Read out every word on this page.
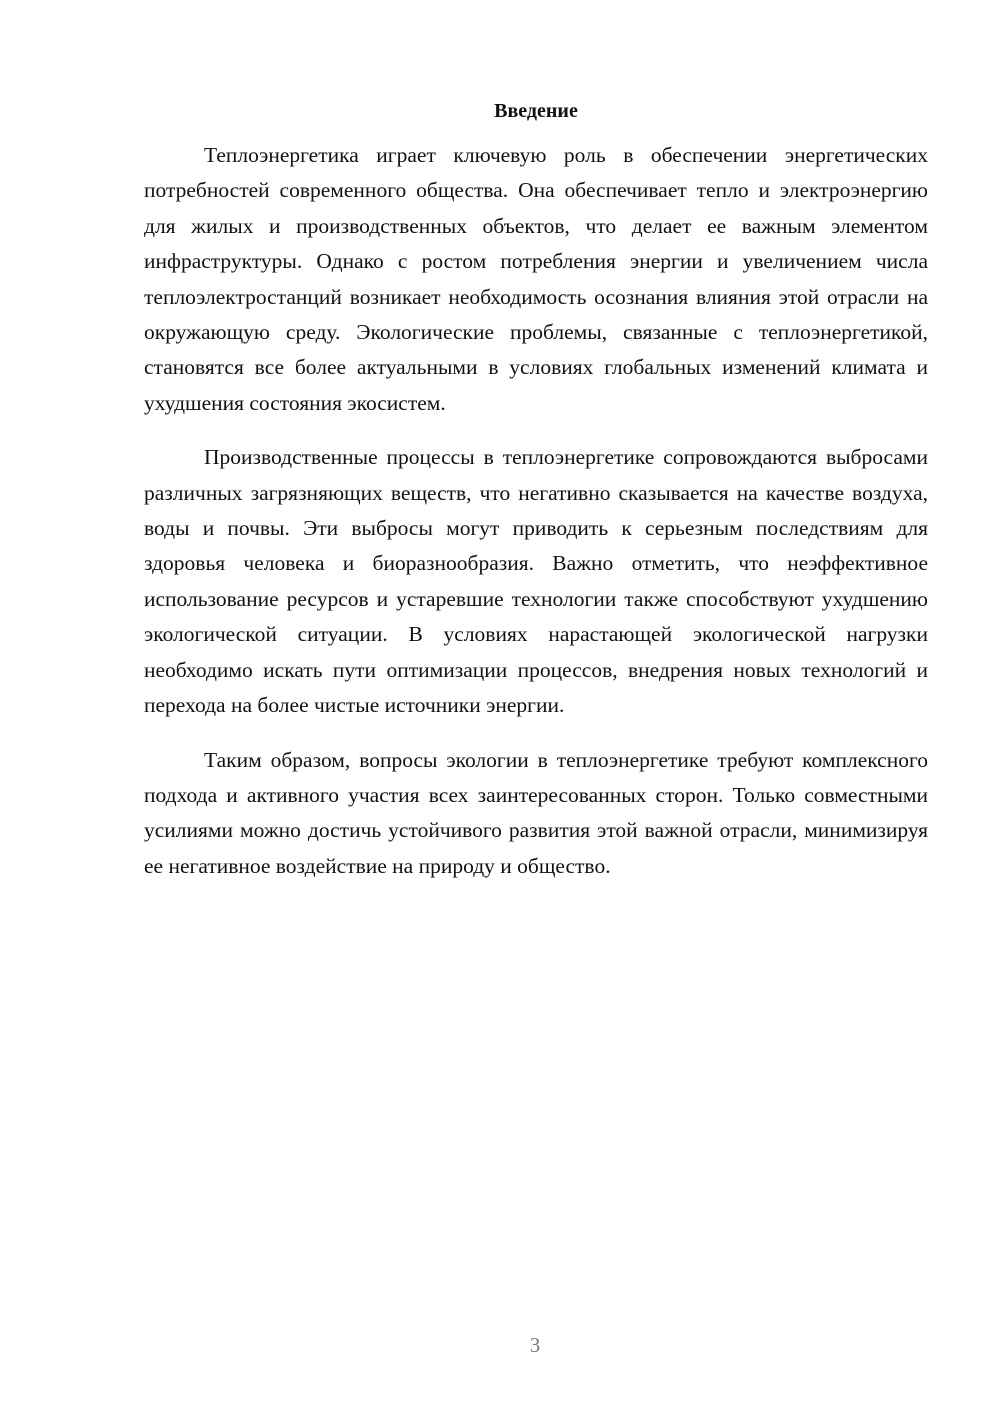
Введение

Теплоэнергетика играет ключевую роль в обеспечении энергетических потребностей современного общества. Она обеспечивает тепло и электроэнергию для жилых и производственных объектов, что делает ее важным элементом инфраструктуры. Однако с ростом потребления энергии и увеличением числа теплоэлектростанций возникает необходимость осознания влияния этой отрасли на окружающую среду. Экологические проблемы, связанные с теплоэнергетикой, становятся все более актуальными в условиях глобальных изменений климата и ухудшения состояния экосистем.

Производственные процессы в теплоэнергетике сопровождаются выбросами различных загрязняющих веществ, что негативно сказывается на качестве воздуха, воды и почвы. Эти выбросы могут приводить к серьезным последствиям для здоровья человека и биоразнообразия. Важно отметить, что неэффективное использование ресурсов и устаревшие технологии также способствуют ухудшению экологической ситуации. В условиях нарастающей экологической нагрузки необходимо искать пути оптимизации процессов, внедрения новых технологий и перехода на более чистые источники энергии.

Таким образом, вопросы экологии в теплоэнергетике требуют комплексного подхода и активного участия всех заинтересованных сторон. Только совместными усилиями можно достичь устойчивого развития этой важной отрасли, минимизируя ее негативное воздействие на природу и общество.

3
